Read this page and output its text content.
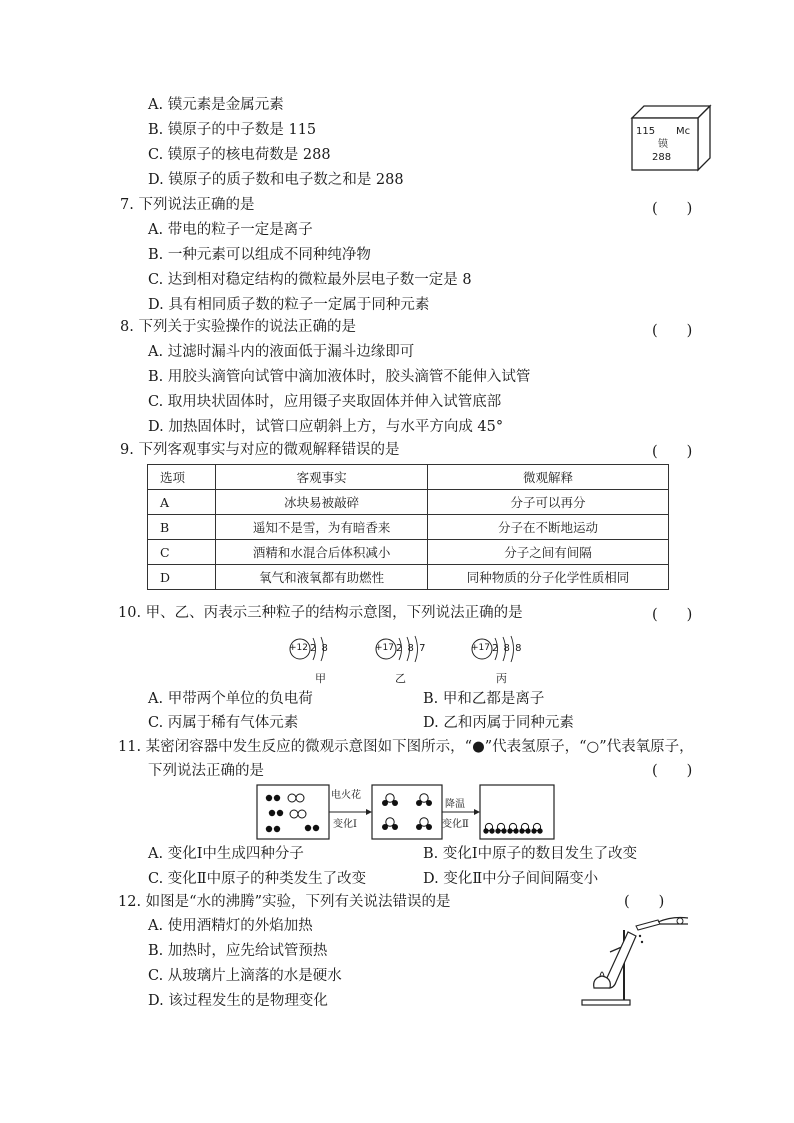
A. 镆元素是金属元素
B. 镆原子的中子数是 115
C. 镆原子的核电荷数是 288
D. 镆原子的质子数和电子数之和是 288
115 Mc
镆
288
7. 下列说法正确的是	(　　)
A. 带电的粒子一定是离子
B. 一种元素可以组成不同种纯净物
C. 达到相对稳定结构的微粒最外层电子数一定是 8
D. 具有相同质子数的粒子一定属于同种元素
8. 下列关于实验操作的说法正确的是	(　　)
A. 过滤时漏斗内的液面低于漏斗边缘即可
B. 用胶头滴管向试管中滴加液体时，胶头滴管不能伸入试管
C. 取用块状固体时，应用镊子夹取固体并伸入试管底部
D. 加热固体时，试管口应朝斜上方，与水平方向成 45°
9. 下列客观事实与对应的微观解释错误的是	(　　)
选项	客观事实	微观解释
A	冰块易被敲碎	分子可以再分
B	遥知不是雪，为有暗香来	分子在不断地运动
C	酒精和水混合后体积减小	分子之间有间隔
D	氧气和液氧都有助燃性	同种物质的分子化学性质相同
10. 甲、乙、丙表示三种粒子的结构示意图，下列说法正确的是	(　　)
+12 2 8	+17 2 8 7	+17 2 8 8
甲	乙	丙
A. 甲带两个单位的负电荷	B. 甲和乙都是离子
C. 丙属于稀有气体元素	D. 乙和丙属于同种元素
11. 某密闭容器中发生反应的微观示意图如下图所示，“●”代表氢原子，“○”代表氧原子，
下列说法正确的是	(　　)
电火花
变化Ⅰ
降温
变化Ⅱ
A. 变化Ⅰ中生成四种分子	B. 变化Ⅰ中原子的数目发生了改变
C. 变化Ⅱ中原子的种类发生了改变	D. 变化Ⅱ中分子间间隔变小
12. 如图是“水的沸腾”实验，下列有关说法错误的是	(　　)
A. 使用酒精灯的外焰加热
B. 加热时，应先给试管预热
C. 从玻璃片上滴落的水是硬水
D. 该过程发生的是物理变化
